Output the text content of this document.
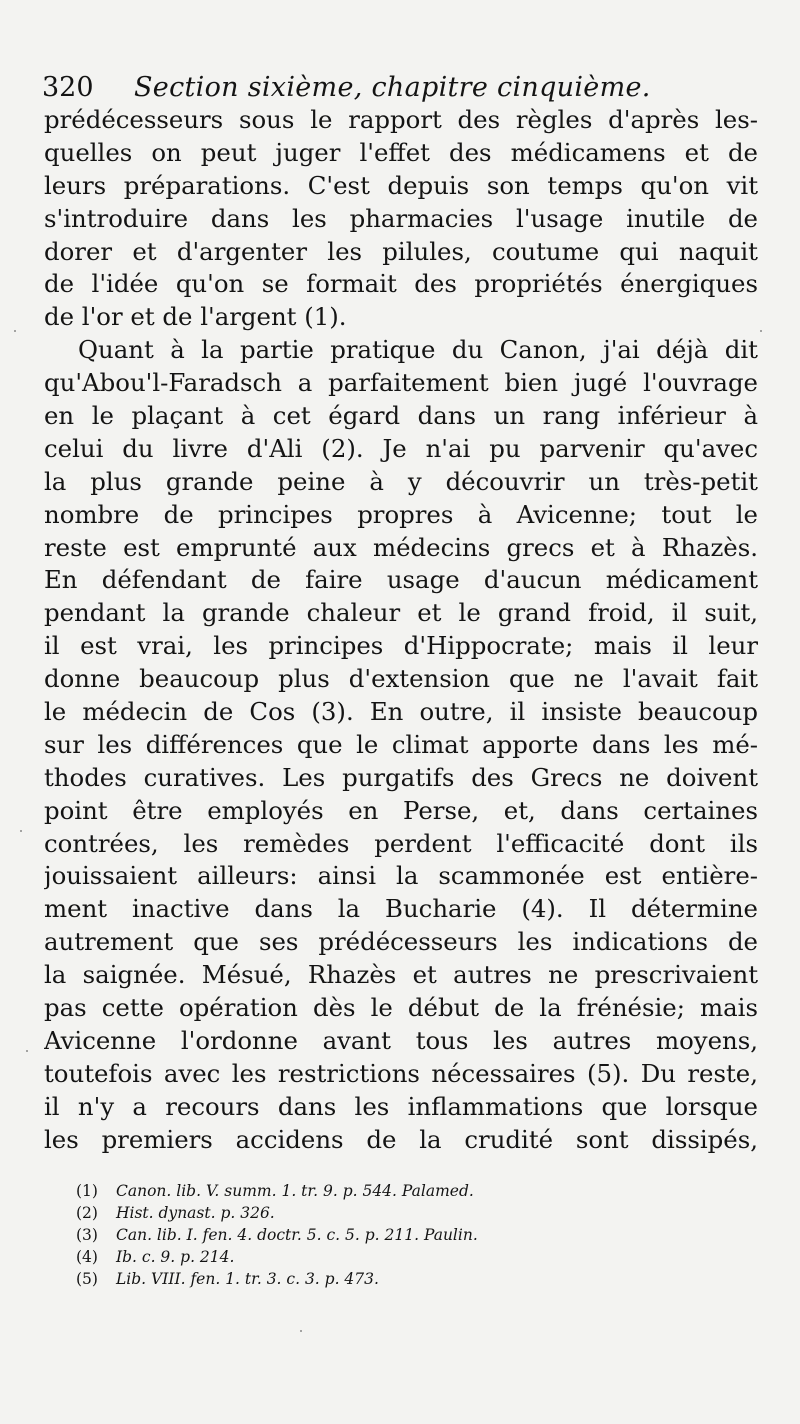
320 Section sixième, chapitre cinquième.
prédécesseurs sous le rapport des règles d'après les-
quelles on peut juger l'effet des médicamens et de
leurs préparations. C'est depuis son temps qu'on vit
s'introduire dans les pharmacies l'usage inutile de
dorer et d'argenter les pilules, coutume qui naquit
de l'idée qu'on se formait des propriétés énergiques
de l'or et de l'argent (1).
Quant à la partie pratique du Canon, j'ai déjà dit
qu'Abou'l-Faradsch a parfaitement bien jugé l'ouvrage
en le plaçant à cet égard dans un rang inférieur à
celui du livre d'Ali (2). Je n'ai pu parvenir qu'avec
la plus grande peine à y découvrir un très-petit
nombre de principes propres à Avicenne; tout le
reste est emprunté aux médecins grecs et à Rhazès.
En défendant de faire usage d'aucun médicament
pendant la grande chaleur et le grand froid, il suit,
il est vrai, les principes d'Hippocrate; mais il leur
donne beaucoup plus d'extension que ne l'avait fait
le médecin de Cos (3). En outre, il insiste beaucoup
sur les différences que le climat apporte dans les mé-
thodes curatives. Les purgatifs des Grecs ne doivent
point être employés en Perse, et, dans certaines
contrées, les remèdes perdent l'efficacité dont ils
jouissaient ailleurs: ainsi la scammonée est entière-
ment inactive dans la Bucharie (4). Il détermine
autrement que ses prédécesseurs les indications de
la saignée. Mésué, Rhazès et autres ne prescrivaient
pas cette opération dès le début de la frénésie; mais
Avicenne l'ordonne avant tous les autres moyens,
toutefois avec les restrictions nécessaires (5). Du reste,
il n'y a recours dans les inflammations que lorsque
les premiers accidens de la crudité sont dissipés,
(1) Canon. lib. V. summ. 1. tr. 9. p. 544. Palamed.
(2) Hist. dynast. p. 326.
(3) Can. lib. I. fen. 4. doctr. 5. c. 5. p. 211. Paulin.
(4) Ib. c. 9. p. 214.
(5) Lib. VIII. fen. 1. tr. 3. c. 3. p. 473.
